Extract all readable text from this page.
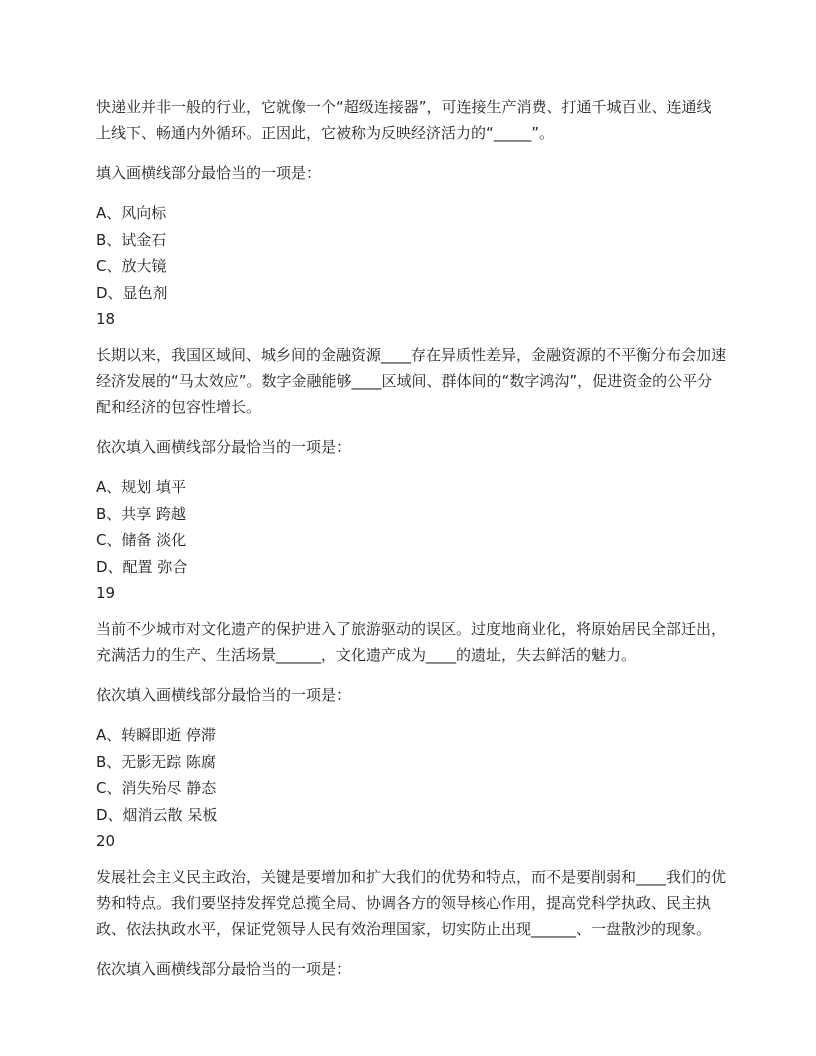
快递业并非一般的行业，它就像一个“超级连接器”，可连接生产消费、打通千城百业、连通线上线下、畅通内外循环。正因此，它被称为反映经济活力的“_____”。

填入画横线部分最恰当的一项是：

A、风向标

B、试金石

C、放大镜

D、显色剂

18

长期以来，我国区域间、城乡间的金融资源____存在异质性差异，金融资源的不平衡分布会加速经济发展的“马太效应”。数字金融能够____区域间、群体间的“数字鸿沟”，促进资金的公平分配和经济的包容性增长。

依次填入画横线部分最恰当的一项是：

A、规划 填平

B、共享 跨越

C、储备 淡化

D、配置 弥合

19

当前不少城市对文化遗产的保护进入了旅游驱动的误区。过度地商业化，将原始居民全部迁出，充满活力的生产、生活场景______，文化遗产成为____的遗址，失去鲜活的魅力。

依次填入画横线部分最恰当的一项是：

A、转瞬即逝 停滞

B、无影无踪 陈腐

C、消失殆尽 静态

D、烟消云散 呆板

20

发展社会主义民主政治，关键是要增加和扩大我们的优势和特点，而不是要削弱和____我们的优势和特点。我们要坚持发挥党总揽全局、协调各方的领导核心作用，提高党科学执政、民主执政、依法执政水平，保证党领导人民有效治理国家，切实防止出现______、一盘散沙的现象。

依次填入画横线部分最恰当的一项是：
